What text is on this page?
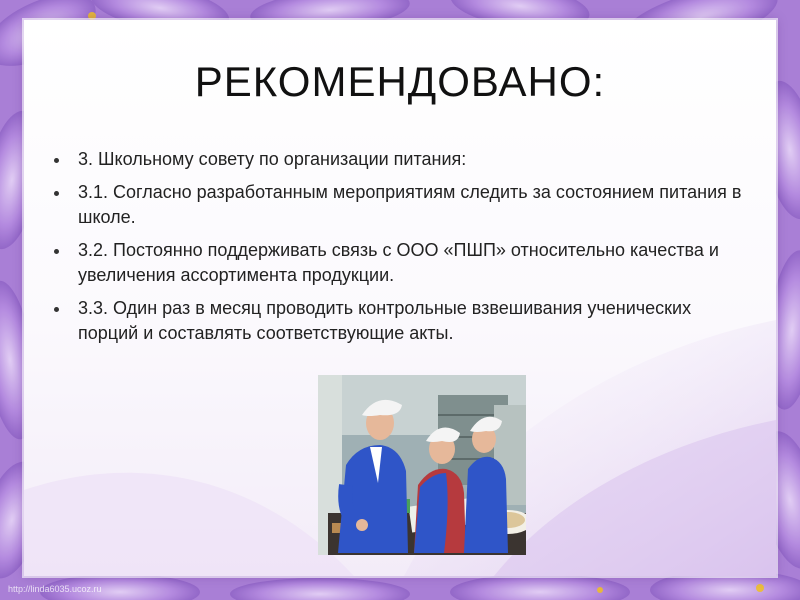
РЕКОМЕНДОВАНО:
3. Школьному совету по организации питания:
3.1. Согласно разработанным мероприятиям следить за состоянием питания в школе.
3.2. Постоянно поддерживать связь с ООО «ПШП» относительно качества и увеличения ассортимента продукции.
3.3. Один раз в месяц проводить контрольные взвешивания ученических порций и составлять соответствующие акты.
http://linda6035.ucoz.ru
